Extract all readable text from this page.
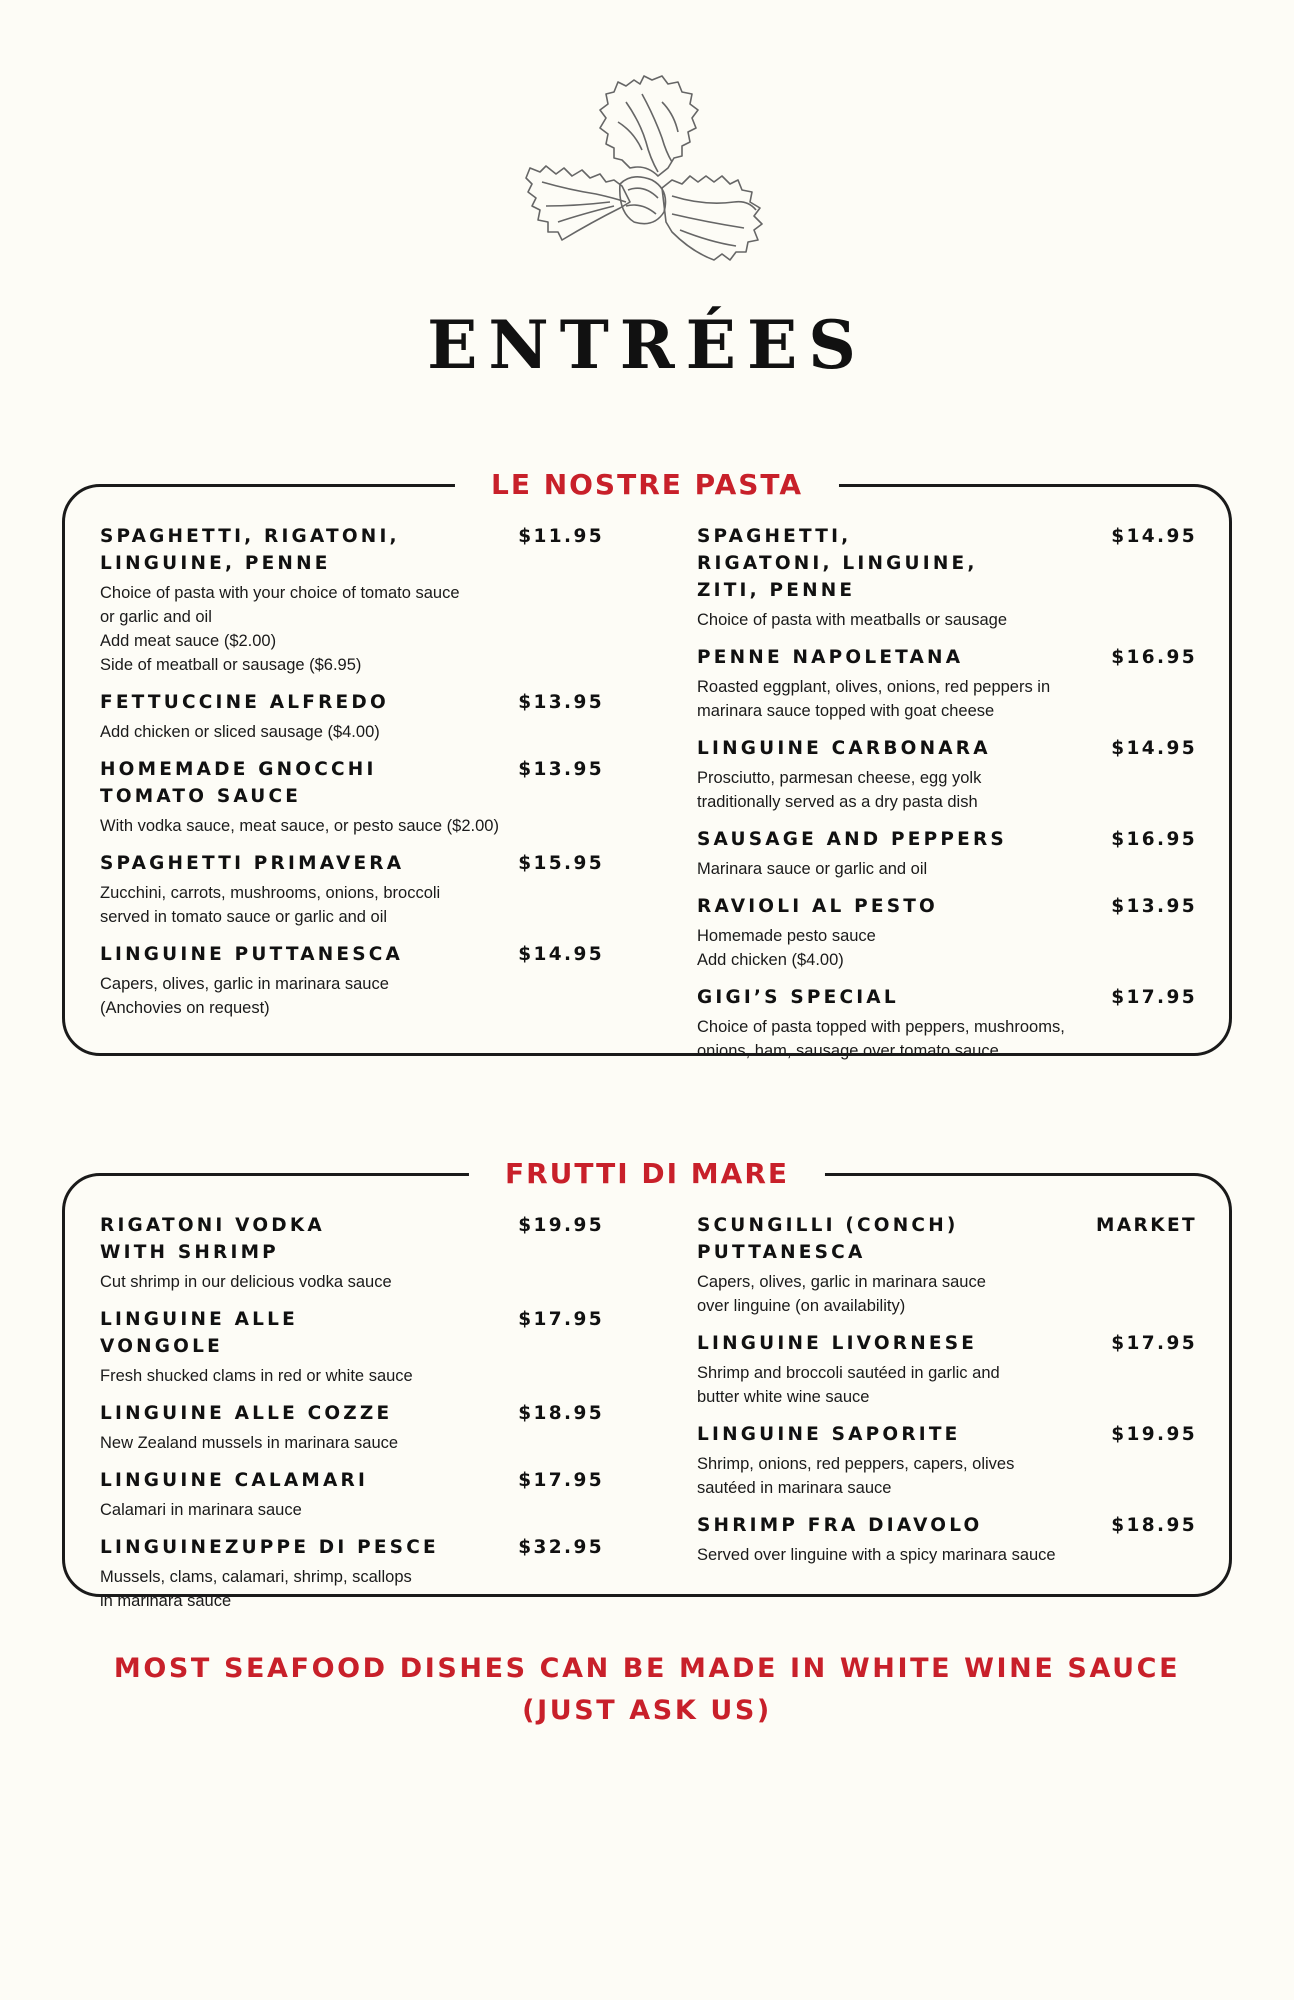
ENTRÉES
LE NOSTRE PASTA
SPAGHETTI, RIGATONI, LINGUINE, PENNE
$11.95
Choice of pasta with your choice of tomato sauce
or garlic and oil
Add meat sauce ($2.00)
Side of meatball or sausage ($6.95)
FETTUCCINE ALFREDO	$13.95
Add chicken or sliced sausage ($4.00)
HOMEMADE GNOCCHI TOMATO SAUCE
$13.95
With vodka sauce, meat sauce, or pesto sauce ($2.00)
SPAGHETTI PRIMAVERA	$15.95
Zucchini, carrots, mushrooms, onions, broccoli
served in tomato sauce or garlic and oil
LINGUINE PUTTANESCA	$14.95
Capers, olives, garlic in marinara sauce
(Anchovies on request)
SPAGHETTI, RIGATONI, LINGUINE, ZITI, PENNE
$14.95
Choice of pasta with meatballs or sausage
PENNE NAPOLETANA	$16.95
Roasted eggplant, olives, onions, red peppers in
marinara sauce topped with goat cheese
LINGUINE CARBONARA	$14.95
Prosciutto, parmesan cheese, egg yolk
traditionally served as a dry pasta dish
SAUSAGE AND PEPPERS	$16.95
Marinara sauce or garlic and oil
RAVIOLI AL PESTO	$13.95
Homemade pesto sauce
Add chicken ($4.00)
GIGI’S SPECIAL	$17.95
Choice of pasta topped with peppers, mushrooms,
onions, ham, sausage over tomato sauce
FRUTTI DI MARE
RIGATONI VODKA WITH SHRIMP
$19.95
Cut shrimp in our delicious vodka sauce
LINGUINE ALLE VONGOLE
$17.95
Fresh shucked clams in red or white sauce
LINGUINE ALLE COZZE	$18.95
New Zealand mussels in marinara sauce
LINGUINE CALAMARI	$17.95
Calamari in marinara sauce
LINGUINEZUPPE DI PESCE	$32.95
Mussels, clams, calamari, shrimp, scallops
in marinara sauce
SCUNGILLI (CONCH) PUTTANESCA
MARKET
Capers, olives, garlic in marinara sauce
over linguine (on availability)
LINGUINE LIVORNESE	$17.95
Shrimp and broccoli sautéed in garlic and
butter white wine sauce
LINGUINE SAPORITE	$19.95
Shrimp, onions, red peppers, capers, olives
sautéed in marinara sauce
SHRIMP FRA DIAVOLO	$18.95
Served over linguine with a spicy marinara sauce
MOST SEAFOOD DISHES CAN BE MADE IN WHITE WINE SAUCE
(JUST ASK US)
